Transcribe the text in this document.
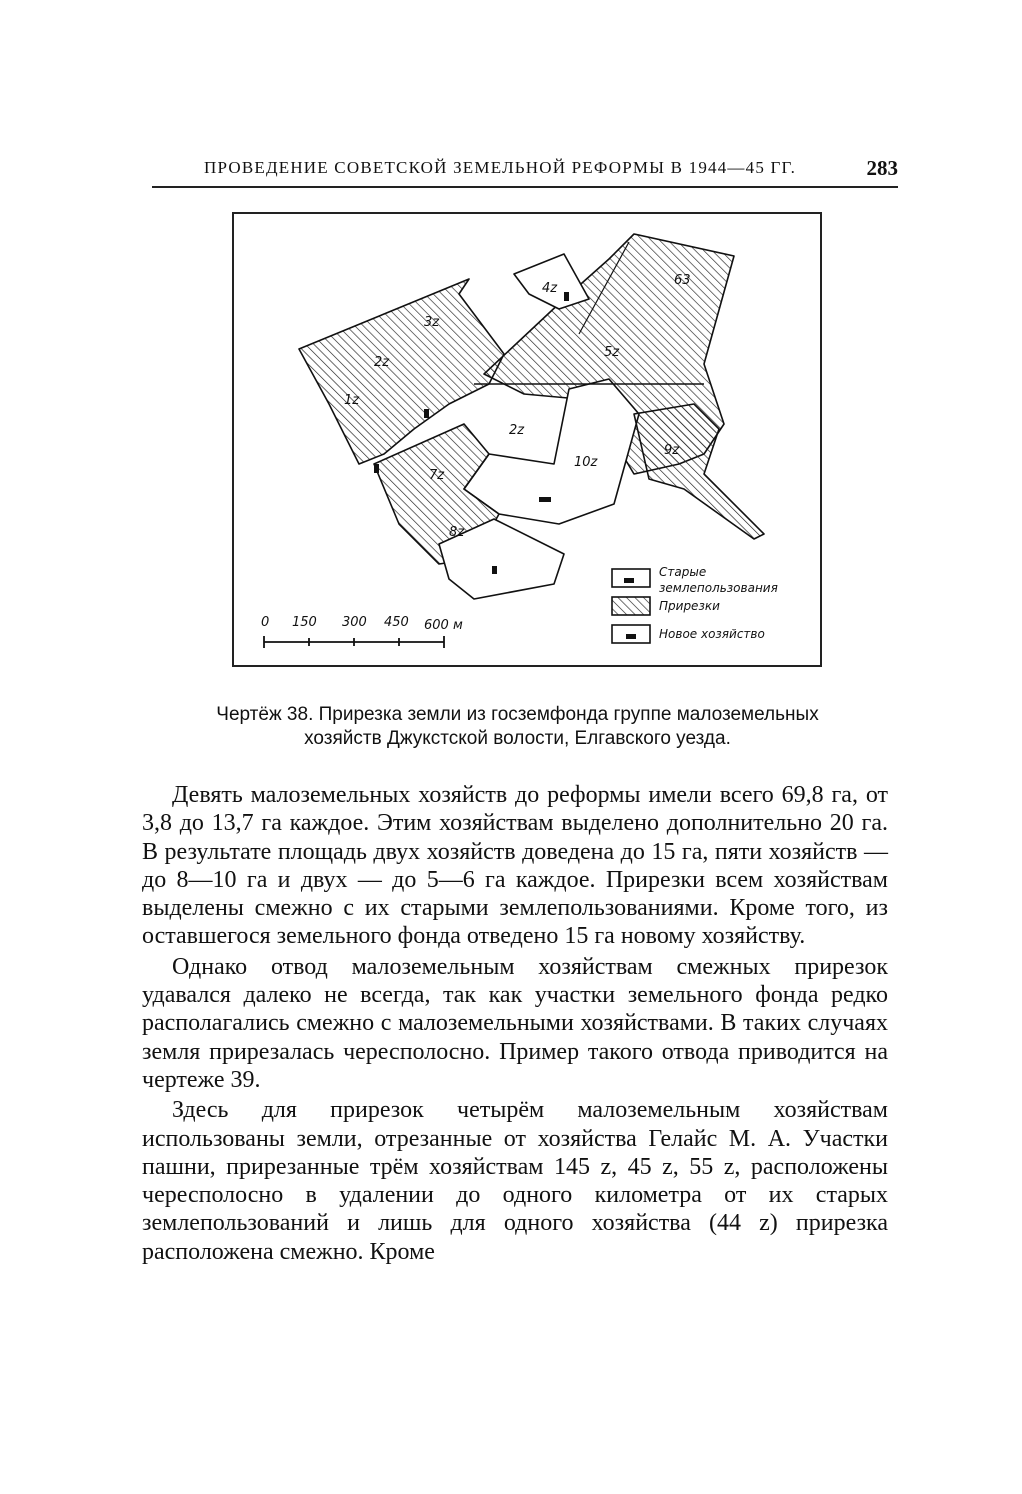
ПРОВЕДЕНИЕ СОВЕТСКОЙ ЗЕМЕЛЬНОЙ РЕФОРМЫ В 1944—45 ГГ.	283
4z
63
3z
2z
1z
5z
2z
7z
10z
9z
8z
0 150 300 450 600 м
Старые
землепользования
Прирезки
Новое хозяйство
Чертёж 38. Прирезка земли из госземфонда группе малоземельных
хозяйств Джукстской волости, Елгавского уезда.

Девять малоземельных хозяйств до реформы имели всего 69,8 га, от 3,8 до 13,7 га каждое. Этим хозяйствам выделено дополнительно 20 га. В результате площадь двух хозяйств доведена до 15 га, пяти хозяйств — до 8—10 га и двух — до 5—6 га каждое. Прирезки всем хозяйствам выделены смежно с их старыми землепользованиями. Кроме того, из оставшегося земельного фонда отведено 15 га новому хозяйству.

Однако отвод малоземельным хозяйствам смежных прирезок удавался далеко не всегда, так как участки земельного фонда редко располагались смежно с малоземельными хозяйствами. В таких случаях земля прирезалась чересполосно. Пример такого отвода приводится на чертеже 39.

Здесь для прирезок четырём малоземельным хозяйствам использованы земли, отрезанные от хозяйства Гелайс М. А. Участки пашни, прирезанные трём хозяйствам 145 z, 45 z, 55 z, расположены чересполосно в удалении до одного километра от их старых землепользований и лишь для одного хозяйства (44 z) прирезка расположена смежно. Кроме
